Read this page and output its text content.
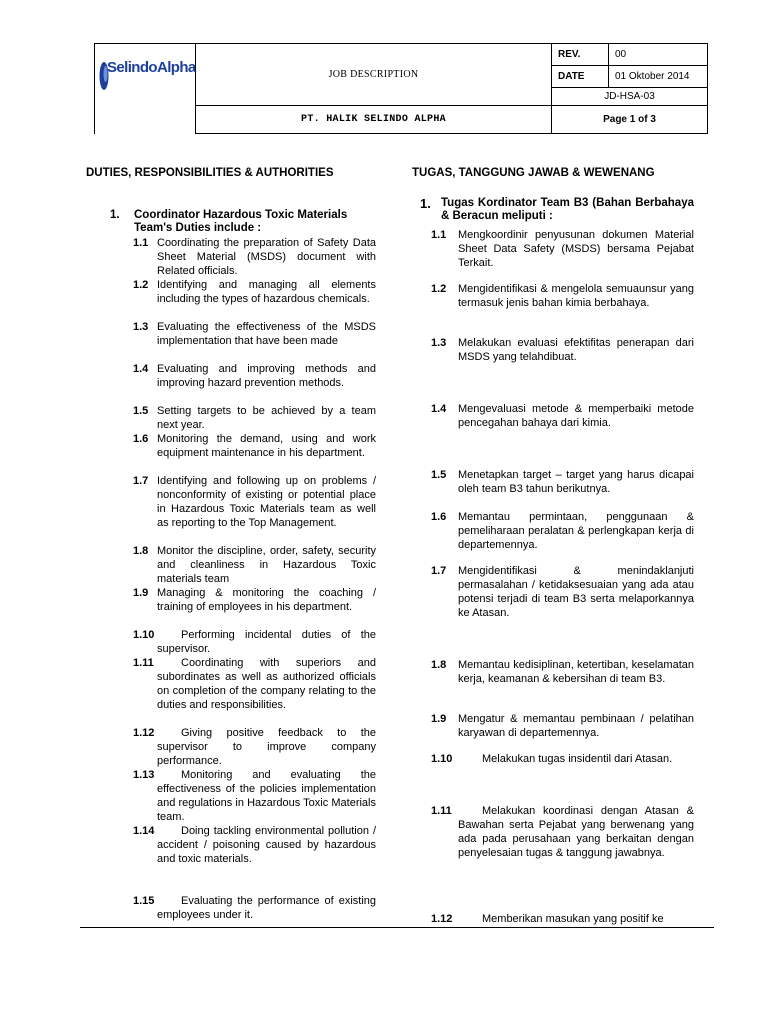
SelindoAlpha	JOB DESCRIPTION	REV.	00
		DATE	01 Oktober 2014
		JD-HSA-03	
	PT. HALIK SELINDO ALPHA	Page 1 of 3	
DUTIES, RESPONSIBILITIES & AUTHORITIES
1. Coordinator Hazardous Toxic Materials Team's Duties include :
1.1 Coordinating the preparation of Safety Data Sheet Material (MSDS) document with Related officials.
1.2 Identifying and managing all elements including the types of hazardous chemicals.
1.3 Evaluating the effectiveness of the MSDS implementation that have been made
1.4 Evaluating and improving methods and improving hazard prevention methods.
1.5 Setting targets to be achieved by a team next year.
1.6 Monitoring the demand, using and work equipment maintenance in his department.
1.7 Identifying and following up on problems / nonconformity of existing or potential place in Hazardous Toxic Materials team as well as reporting to the Top Management.
1.8 Monitor the discipline, order, safety, security and cleanliness in Hazardous Toxic materials team
1.9 Managing & monitoring the coaching / training of employees in his department.
1.10	Performing incidental duties of the supervisor.
1.11	Coordinating with superiors and subordinates as well as authorized officials on completion of the company relating to the duties and responsibilities.
1.12	Giving positive feedback to the supervisor to improve company performance.
1.13	Monitoring and evaluating the effectiveness of the policies implementation and regulations in Hazardous Toxic Materials team.
1.14	Doing tackling environmental pollution / accident / poisoning caused by hazardous and toxic materials.
1.15	Evaluating the performance of existing employees under it.
TUGAS, TANGGUNG JAWAB & WEWENANG
1. Tugas Kordinator Team B3 (Bahan Berbahaya & Beracun meliputi :
1.1 Mengkoordinir penyusunan dokumen Material Sheet Data Safety (MSDS) bersama Pejabat Terkait.
1.2 Mengidentifikasi & mengelola semuaunsur yang termasuk jenis bahan kimia berbahaya.
1.3 Melakukan evaluasi efektifitas penerapan dari MSDS yang telahdibuat.
1.4 Mengevaluasi metode & memperbaiki metode pencegahan bahaya dari kimia.
1.5 Menetapkan target – target yang harus dicapai oleh team B3 tahun berikutnya.
1.6 Memantau permintaan, penggunaan & pemeliharaan peralatan & perlengkapan kerja di departemennya.
1.7 Mengidentifikasi & menindaklanjuti permasalahan / ketidaksesuaian yang ada atau potensi terjadi di team B3 serta melaporkannya ke Atasan.
1.8 Memantau kedisiplinan, ketertiban, keselamatan kerja, keamanan & kebersihan di team B3.
1.9 Mengatur & memantau pembinaan / pelatihan karyawan di departemennya.
1.10	Melakukan tugas insidentil dari Atasan.
1.11	Melakukan koordinasi dengan Atasan & Bawahan serta Pejabat yang berwenang yang ada pada perusahaan yang berkaitan dengan penyelesaian tugas & tanggung jawabnya.
1.12	Memberikan masukan yang positif ke
